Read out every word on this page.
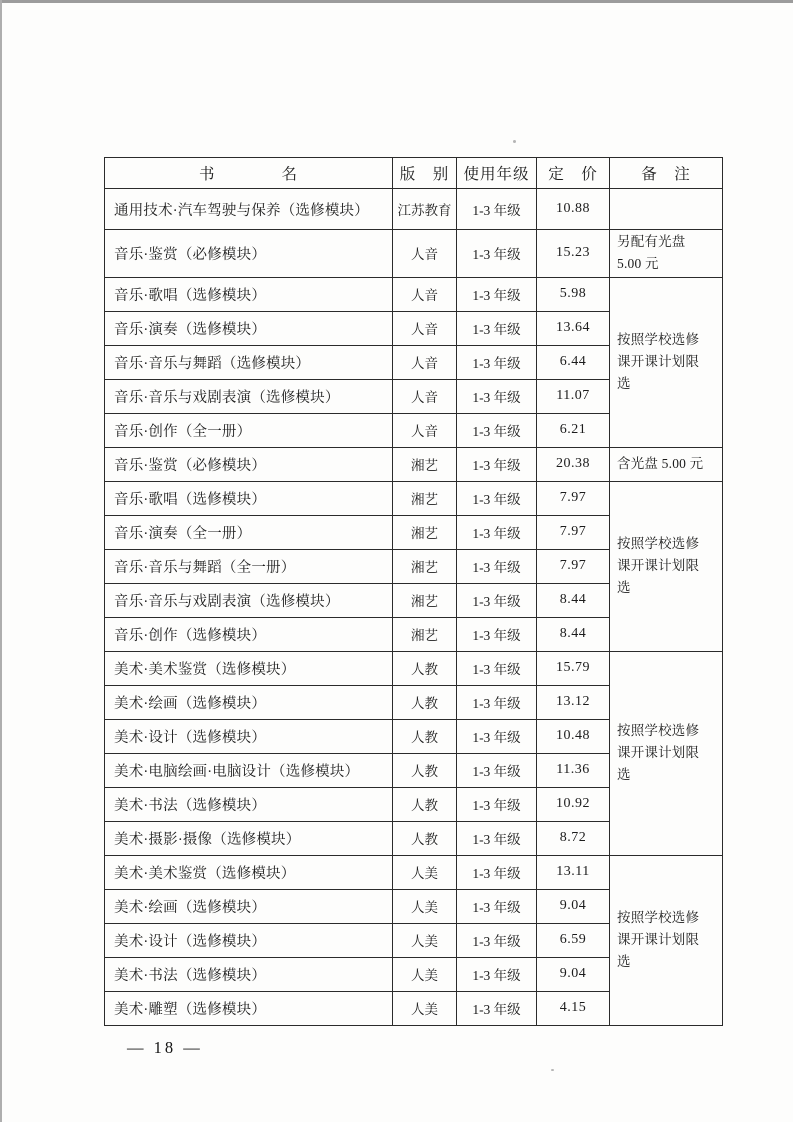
书　　　　名	版　别	使用年级	定　价	备　注
通用技术·汽车驾驶与保养（选修模块）	江苏教育	1-3 年级	10.88	
音乐·鉴赏（必修模块）	人音	1-3 年级	15.23	另配有光盘
5.00 元

音乐·歌唱（选修模块）	人音	1-3 年级	5.98	按照学校选修
课开课计划限
选

音乐·演奏（选修模块）	人音	1-3 年级	13.64	
音乐·音乐与舞蹈（选修模块）	人音	1-3 年级	6.44	
音乐·音乐与戏剧表演（选修模块）	人音	1-3 年级	11.07	
音乐·创作（全一册）	人音	1-3 年级	6.21	
音乐·鉴赏（必修模块）	湘艺	1-3 年级	20.38	含光盘 5.00 元

音乐·歌唱（选修模块）	湘艺	1-3 年级	7.97	按照学校选修
课开课计划限
选

音乐·演奏（全一册）	湘艺	1-3 年级	7.97	
音乐·音乐与舞蹈（全一册）	湘艺	1-3 年级	7.97	
音乐·音乐与戏剧表演（选修模块）	湘艺	1-3 年级	8.44	
音乐·创作（选修模块）	湘艺	1-3 年级	8.44	
美术·美术鉴赏（选修模块）	人教	1-3 年级	15.79	按照学校选修
课开课计划限
选

美术·绘画（选修模块）	人教	1-3 年级	13.12	
美术·设计（选修模块）	人教	1-3 年级	10.48	
美术·电脑绘画·电脑设计（选修模块）	人教	1-3 年级	11.36	
美术·书法（选修模块）	人教	1-3 年级	10.92	
美术·摄影·摄像（选修模块）	人教	1-3 年级	8.72	
美术·美术鉴赏（选修模块）	人美	1-3 年级	13.11	按照学校选修
课开课计划限
选

美术·绘画（选修模块）	人美	1-3 年级	9.04	
美术·设计（选修模块）	人美	1-3 年级	6.59	
美术·书法（选修模块）	人美	1-3 年级	9.04	
美术·雕塑（选修模块）	人美	1-3 年级	4.15	
— 18 —
